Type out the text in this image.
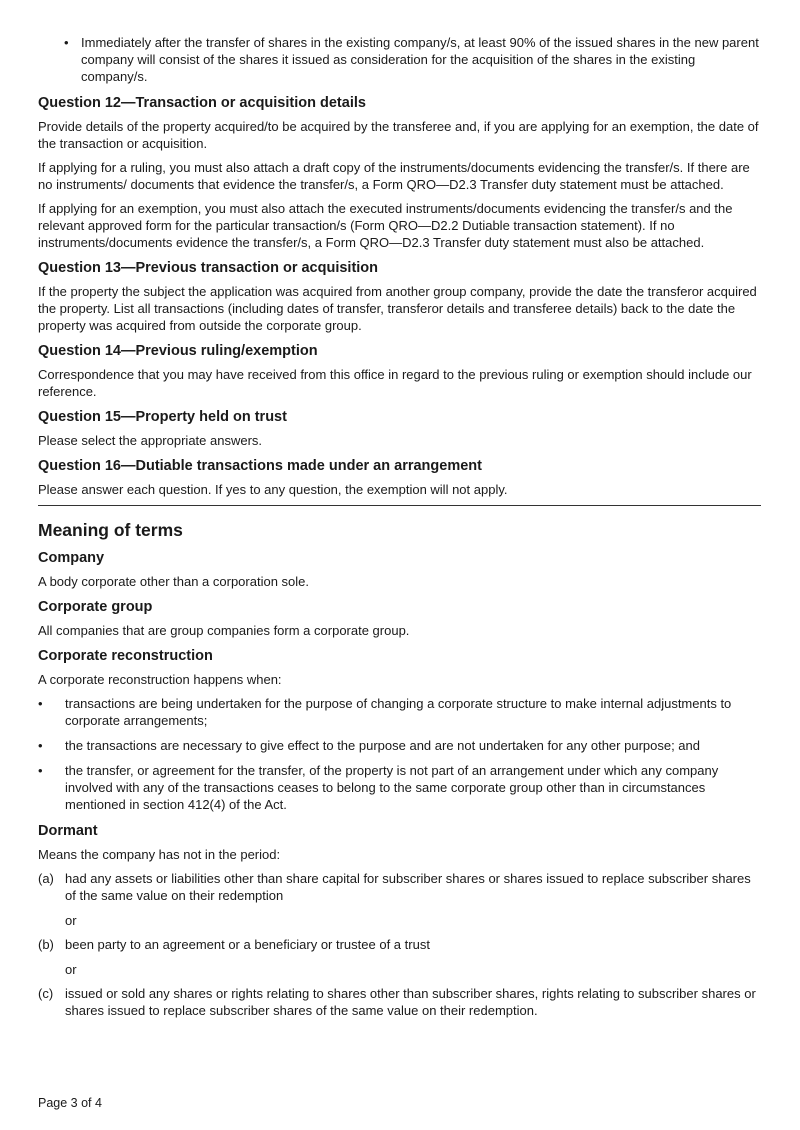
• Immediately after the transfer of shares in the existing company/s, at least 90% of the issued shares in the new parent company will consist of the shares it issued as consideration for the acquisition of the shares in the existing company/s.
Question 12—Transaction or acquisition details

Provide details of the property acquired/to be acquired by the transferee and, if you are applying for an exemption, the date of the transaction or acquisition.

If applying for a ruling, you must also attach a draft copy of the instruments/documents evidencing the transfer/s. If there are no instruments/ documents that evidence the transfer/s, a Form QRO—D2.3 Transfer duty statement must be attached.

If applying for an exemption, you must also attach the executed instruments/documents evidencing the transfer/s and the relevant approved form for the particular transaction/s (Form QRO—D2.2 Dutiable transaction statement). If no instruments/documents evidence the transfer/s, a Form QRO—D2.3 Transfer duty statement must also be attached.

Question 13—Previous transaction or acquisition

If the property the subject the application was acquired from another group company, provide the date the transferor acquired the property. List all transactions (including dates of transfer, transferor details and transferee details) back to the date the property was acquired from outside the corporate group.

Question 14—Previous ruling/exemption

Correspondence that you may have received from this office in regard to the previous ruling or exemption should include our reference.

Question 15—Property held on trust

Please select the appropriate answers.

Question 16—Dutiable transactions made under an arrangement

Please answer each question. If yes to any question, the exemption will not apply.

Meaning of terms
Company

A body corporate other than a corporation sole.

Corporate group

All companies that are group companies form a corporate group.

Corporate reconstruction

A corporate reconstruction happens when:

•	transactions are being undertaken for the purpose of changing a corporate structure to make internal adjustments to corporate arrangements;
•	the transactions are necessary to give effect to the purpose and are not undertaken for any other purpose; and
•	the transfer, or agreement for the transfer, of the property is not part of an arrangement under which any company involved with any of the transactions ceases to belong to the same corporate group other than in circumstances mentioned in section 412(4) of the Act.
Dormant

Means the company has not in the period:

(a) had any assets or liabilities other than share capital for subscriber shares or shares issued to replace subscriber shares of the same value on their redemption
or
(b) been party to an agreement or a beneficiary or trustee of a trust
or
(c) issued or sold any shares or rights relating to shares other than subscriber shares, rights relating to subscriber shares or shares issued to replace subscriber shares of the same value on their redemption.
Page 3 of 4
